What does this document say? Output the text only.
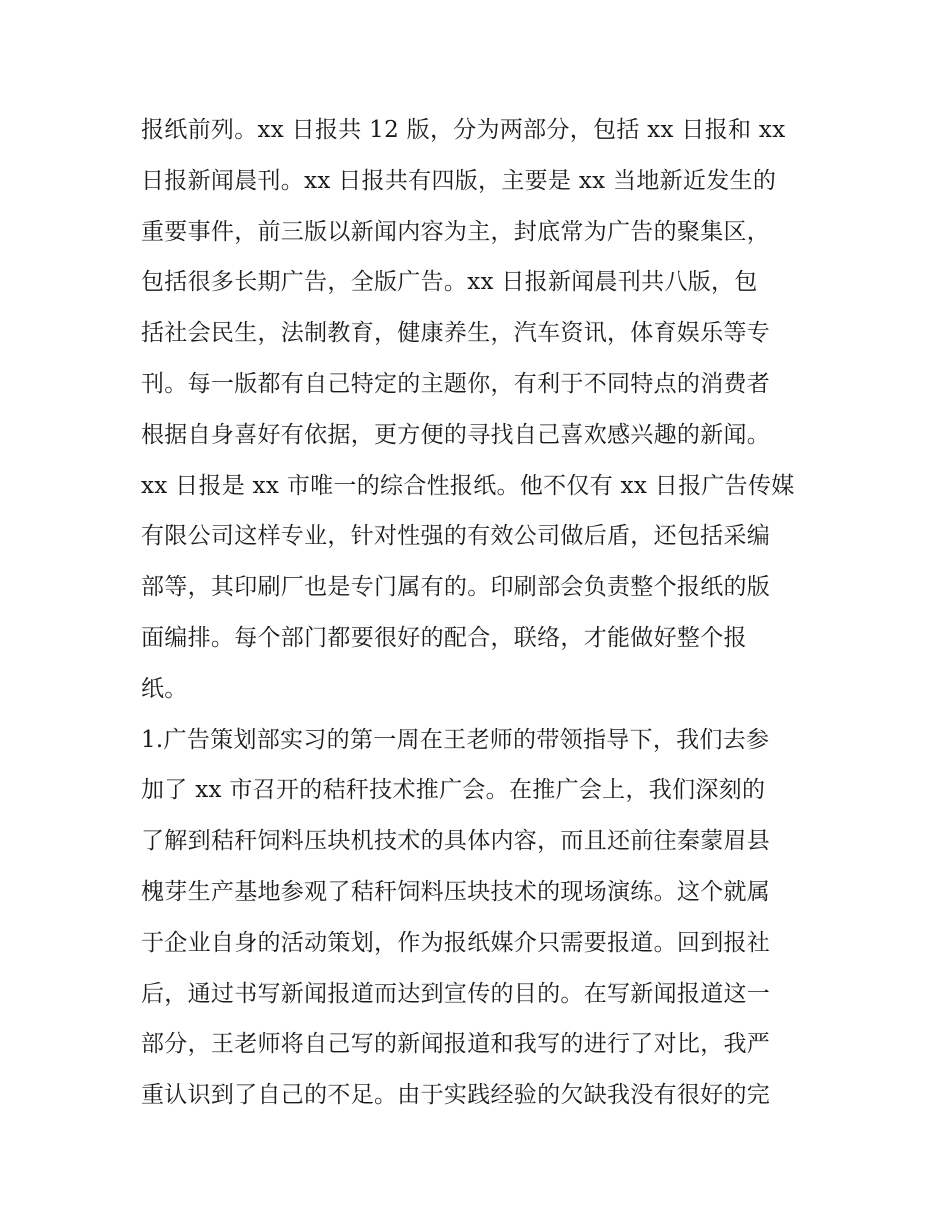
报纸前列。xx 日报共 12 版，分为两部分，包括 xx 日报和 xx
日报新闻晨刊。xx 日报共有四版，主要是 xx 当地新近发生的
重要事件，前三版以新闻内容为主，封底常为广告的聚集区，
包括很多长期广告，全版广告。xx 日报新闻晨刊共八版，包
括社会民生，法制教育，健康养生，汽车资讯，体育娱乐等专
刊。每一版都有自己特定的主题你，有利于不同特点的消费者
根据自身喜好有依据，更方便的寻找自己喜欢感兴趣的新闻。
xx 日报是 xx 市唯一的综合性报纸。他不仅有 xx 日报广告传媒
有限公司这样专业，针对性强的有效公司做后盾，还包括采编
部等，其印刷厂也是专门属有的。印刷部会负责整个报纸的版
面编排。每个部门都要很好的配合，联络，才能做好整个报
纸。
1.广告策划部实习的第一周在王老师的带领指导下，我们去参
加了 xx 市召开的秸秆技术推广会。在推广会上，我们深刻的
了解到秸秆饲料压块机技术的具体内容，而且还前往秦蒙眉县
槐芽生产基地参观了秸秆饲料压块技术的现场演练。这个就属
于企业自身的活动策划，作为报纸媒介只需要报道。回到报社
后，通过书写新闻报道而达到宣传的目的。在写新闻报道这一
部分，王老师将自己写的新闻报道和我写的进行了对比，我严
重认识到了自己的不足。由于实践经验的欠缺我没有很好的完
